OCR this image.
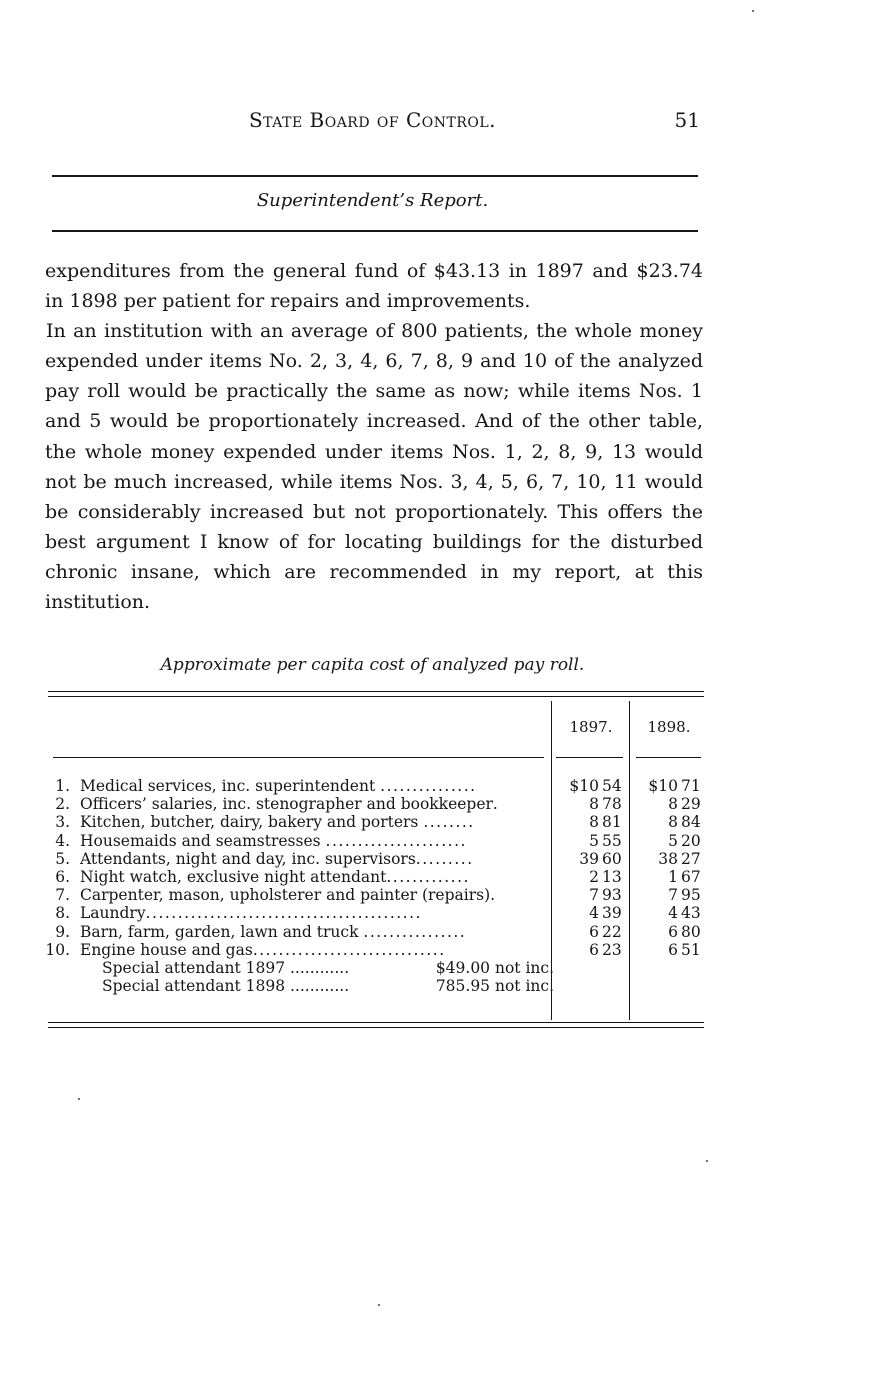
State Board of Control.	51
Superintendent’s Report.

expenditures from the general fund of $43.13 in 1897 and $23.74 in 1898 per patient for repairs and improvements.

In an institution with an average of 800 patients, the whole money expended under items No. 2, 3, 4, 6, 7, 8, 9 and 10 of the analyzed pay roll would be practically the same as now; while items Nos. 1 and 5 would be proportionately increased. And of the other table, the whole money expended under items Nos. 1, 2, 8, 9, 13 would not be much increased, while items Nos. 3, 4, 5, 6, 7, 10, 11 would be considerably increased but not proportionately. This offers the best argument I know of for locating buildings for the disturbed chronic insane, which are recommended in my report, at this institution.

Approximate per capita cost of analyzed pay roll.
1897.	1898.
1. Medical services, inc. superintendent ...............	$10 54	$10 71
2. Officers’ salaries, inc. stenographer and bookkeeper.	8 78	8 29
3. Kitchen, butcher, dairy, bakery and porters ........	8 81	8 84
4. Housemaids and seamstresses ......................	5 55	5 20
5. Attendants, night and day, inc. supervisors.........	39 60	38 27
6. Night watch, exclusive night attendant.............	2 13	1 67
7. Carpenter, mason, upholsterer and painter (repairs).	7 93	7 95
8. Laundry...........................................	4 39	4 43
9. Barn, farm, garden, lawn and truck ................	6 22	6 80
10. Engine house and gas..............................	6 23	6 51
Special attendant 1897 ............	$49.00 not inc.
Special attendant 1898 ............	785.95 not inc.
